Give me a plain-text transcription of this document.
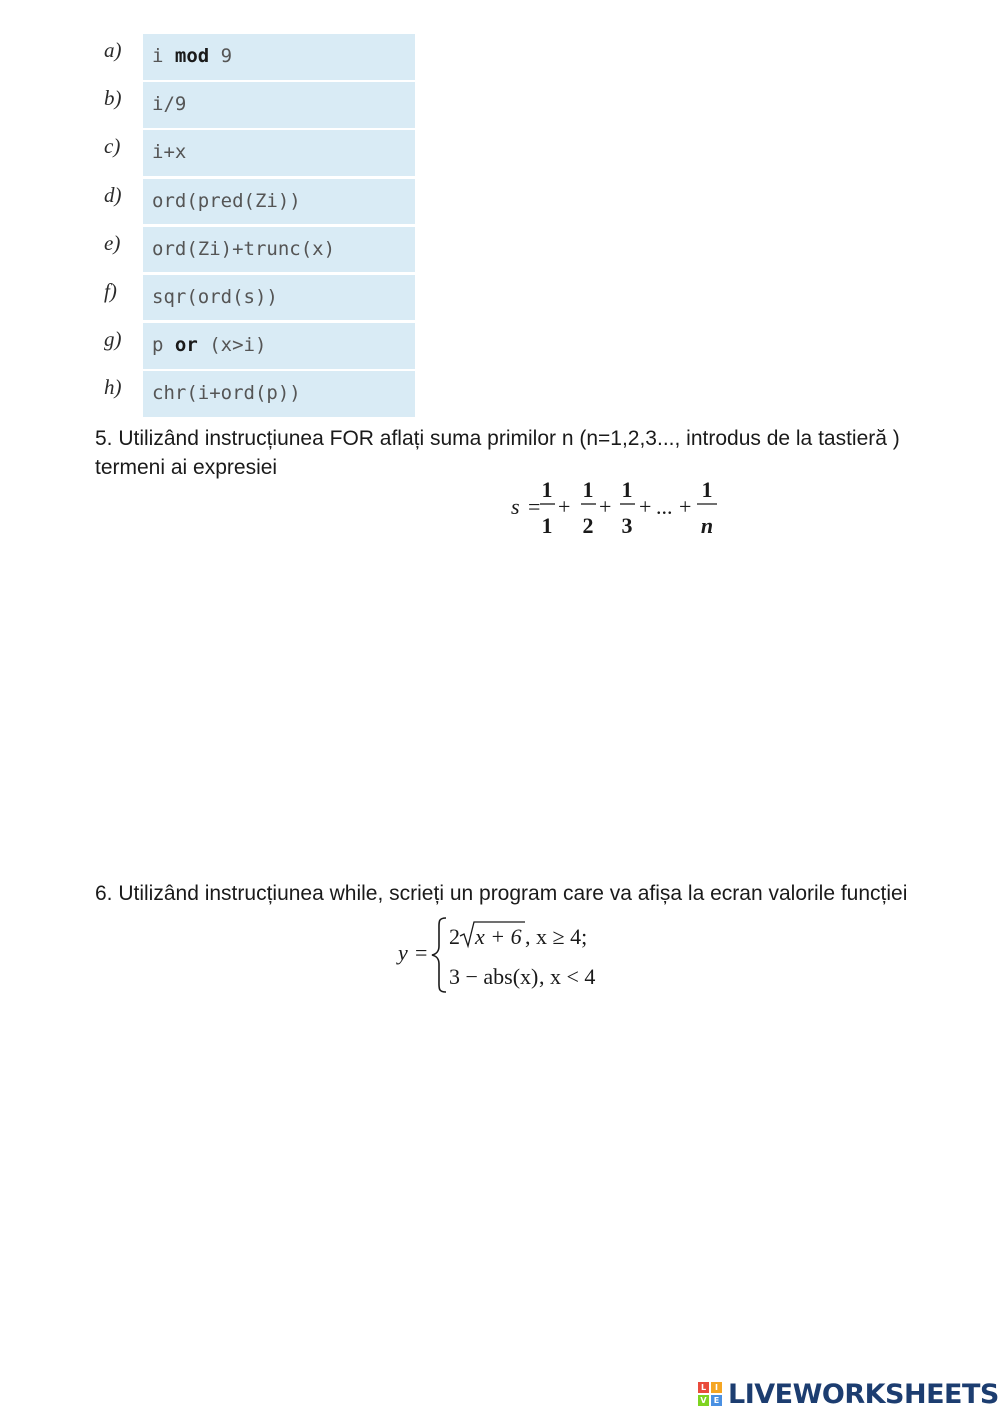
a)	i mod 9
b)	i/9
c)	i+x
d)	ord(pred(Zi))
e)	ord(Zi)+trunc(x)
f)	sqr(ord(s))
g)	p or (x>i)
h)	chr(i+ord(p))
5. Utilizând instrucțiunea FOR aflați suma primilor n (n=1,2,3..., introdus de la tastieră ) termeni ai expresiei
s =
1
1
+
1
2
+
1
3
+ ... +
1
n
6. Utilizând instrucțiunea while, scrieți un program care va afișa la ecran valorile funcției
y =
2 x + 6 , x ≥ 4;
3 − abs(x) , x < 4
L	I
V E LIVEWORKSHEETS
